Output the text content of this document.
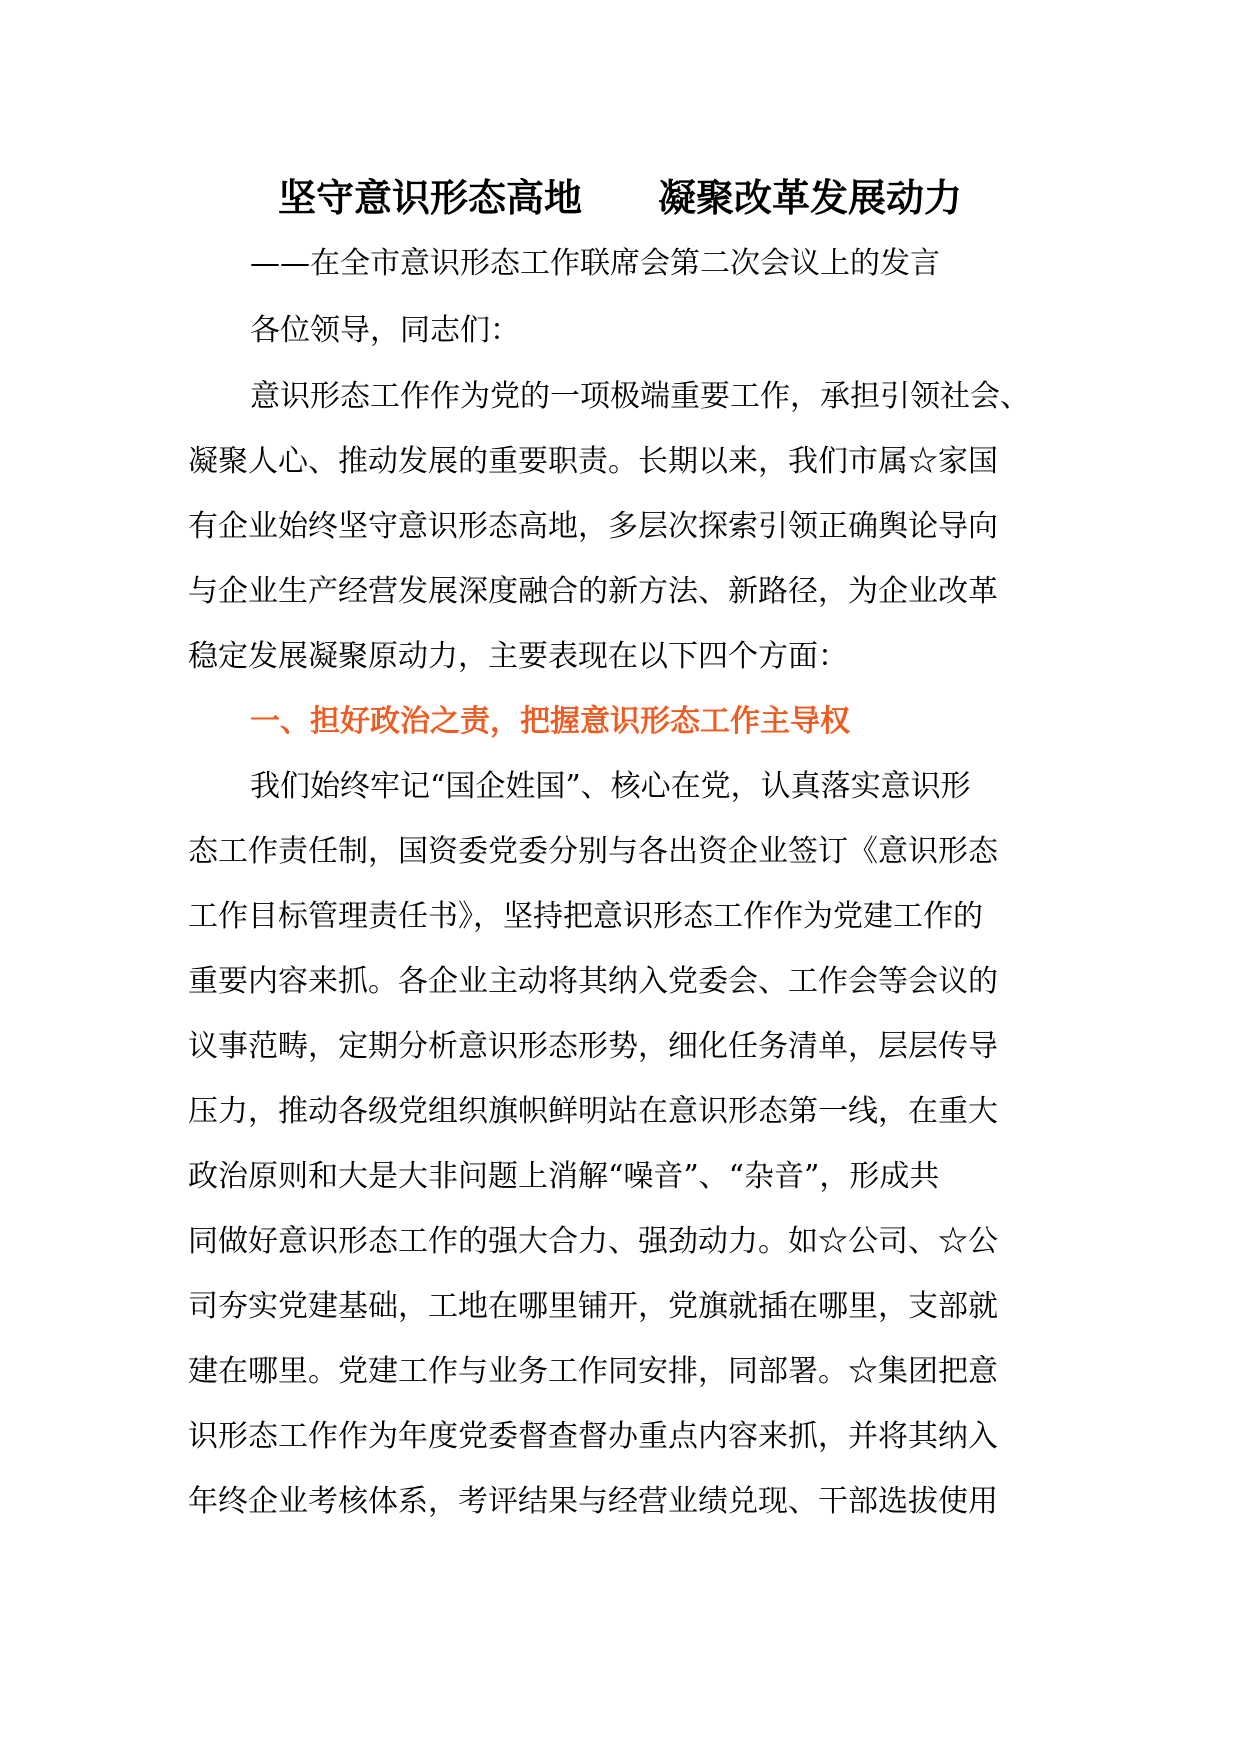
坚守意识形态高地　　凝聚改革发展动力
——在全市意识形态工作联席会第二次会议上的发言
各位领导，同志们：
意识形态工作作为党的一项极端重要工作，承担引领社会、
凝聚人心、推动发展的重要职责。长期以来，我们市属☆家国
有企业始终坚守意识形态高地，多层次探索引领正确舆论导向
与企业生产经营发展深度融合的新方法、新路径，为企业改革
稳定发展凝聚原动力，主要表现在以下四个方面：
一、担好政治之责，把握意识形态工作主导权
我们始终牢记“国企姓国”、核心在党，认真落实意识形
态工作责任制，国资委党委分别与各出资企业签订《意识形态
工作目标管理责任书》，坚持把意识形态工作作为党建工作的
重要内容来抓。各企业主动将其纳入党委会、工作会等会议的
议事范畴，定期分析意识形态形势，细化任务清单，层层传导
压力，推动各级党组织旗帜鲜明站在意识形态第一线，在重大
政治原则和大是大非问题上消解“噪音”、“杂音”，形成共
同做好意识形态工作的强大合力、强劲动力。如☆公司、☆公
司夯实党建基础，工地在哪里铺开，党旗就插在哪里，支部就
建在哪里。党建工作与业务工作同安排，同部署。☆集团把意
识形态工作作为年度党委督查督办重点内容来抓，并将其纳入
年终企业考核体系，考评结果与经营业绩兑现、干部选拔使用
